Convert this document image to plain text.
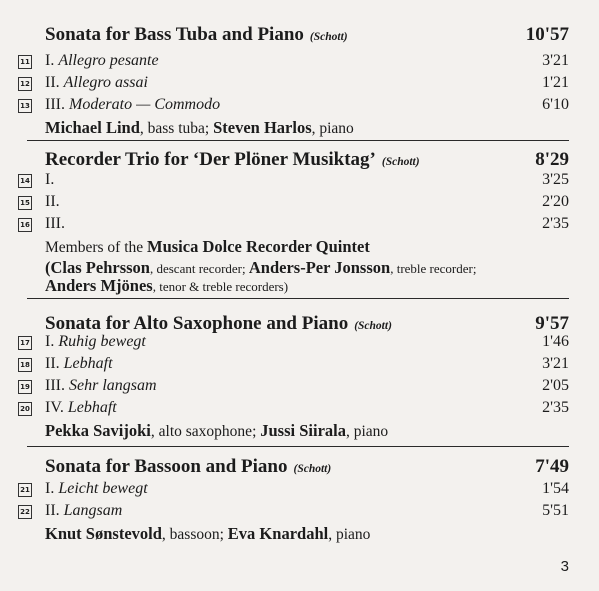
Sonata for Bass Tuba and Piano (Schott)	10'57
11 I. Allegro pesante	3'21
12 II. Allegro assai	1'21
13 III. Moderato — Commodo	6'10
Michael Lind, bass tuba; Steven Harlos, piano
Recorder Trio for ‘Der Plöner Musiktag’ (Schott)	8'29
14 I.	3'25
15 II.	2'20
16 III.	2'35
Members of the Musica Dolce Recorder Quintet
(Clas Pehrsson, descant recorder; Anders-Per Jonsson, treble recorder;
Anders Mjönes, tenor & treble recorders)
Sonata for Alto Saxophone and Piano (Schott)	9'57
17 I. Ruhig bewegt	1'46
18 II. Lebhaft	3'21
19 III. Sehr langsam	2'05
20 IV. Lebhaft	2'35
Pekka Savijoki, alto saxophone; Jussi Siirala, piano
Sonata for Bassoon and Piano (Schott)	7'49
21 I. Leicht bewegt	1'54
22 II. Langsam	5'51
Knut Sønstevold, bassoon; Eva Knardahl, piano
3
